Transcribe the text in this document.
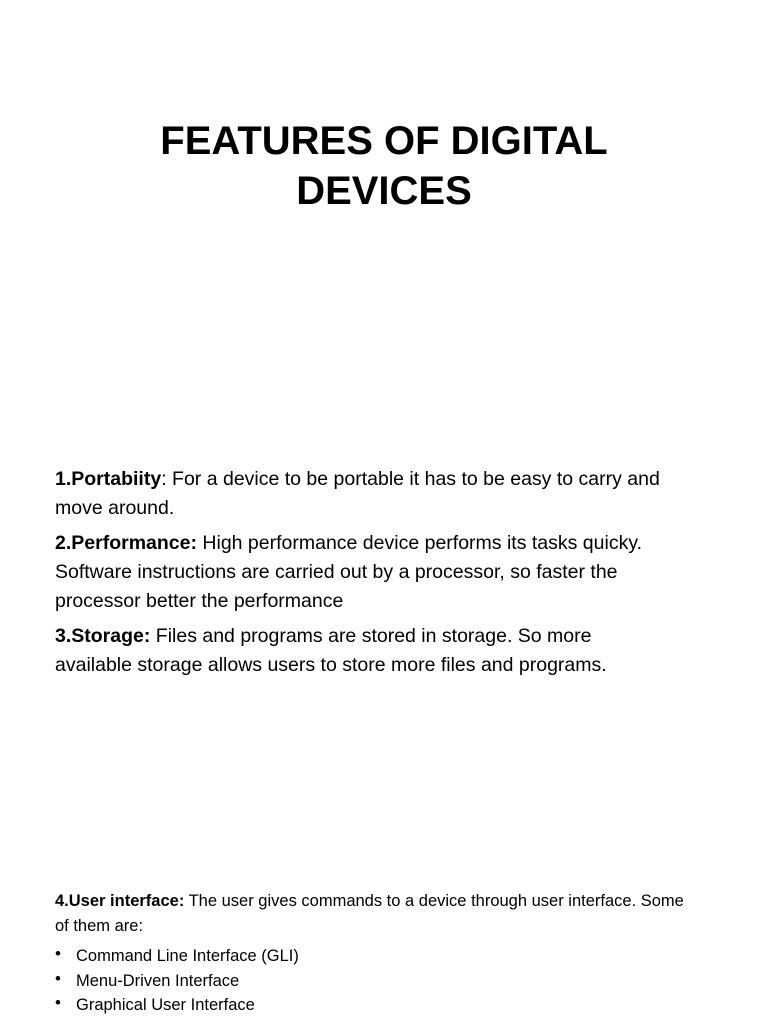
FEATURES OF DIGITAL
DEVICES

1.Portabiity: For a device to be portable it has to be easy to carry and move around.

2.Performance: High performance device performs its tasks quicky. Software instructions are carried out by a processor, so faster the processor better the performance

3.Storage: Files and programs are stored in storage. So more available storage allows users to store more files and programs.

4.User interface: The user gives commands to a device through user interface. Some of them are:

• Command Line Interface (GLI)
• Menu-Driven Interface
• Graphical User Interface
